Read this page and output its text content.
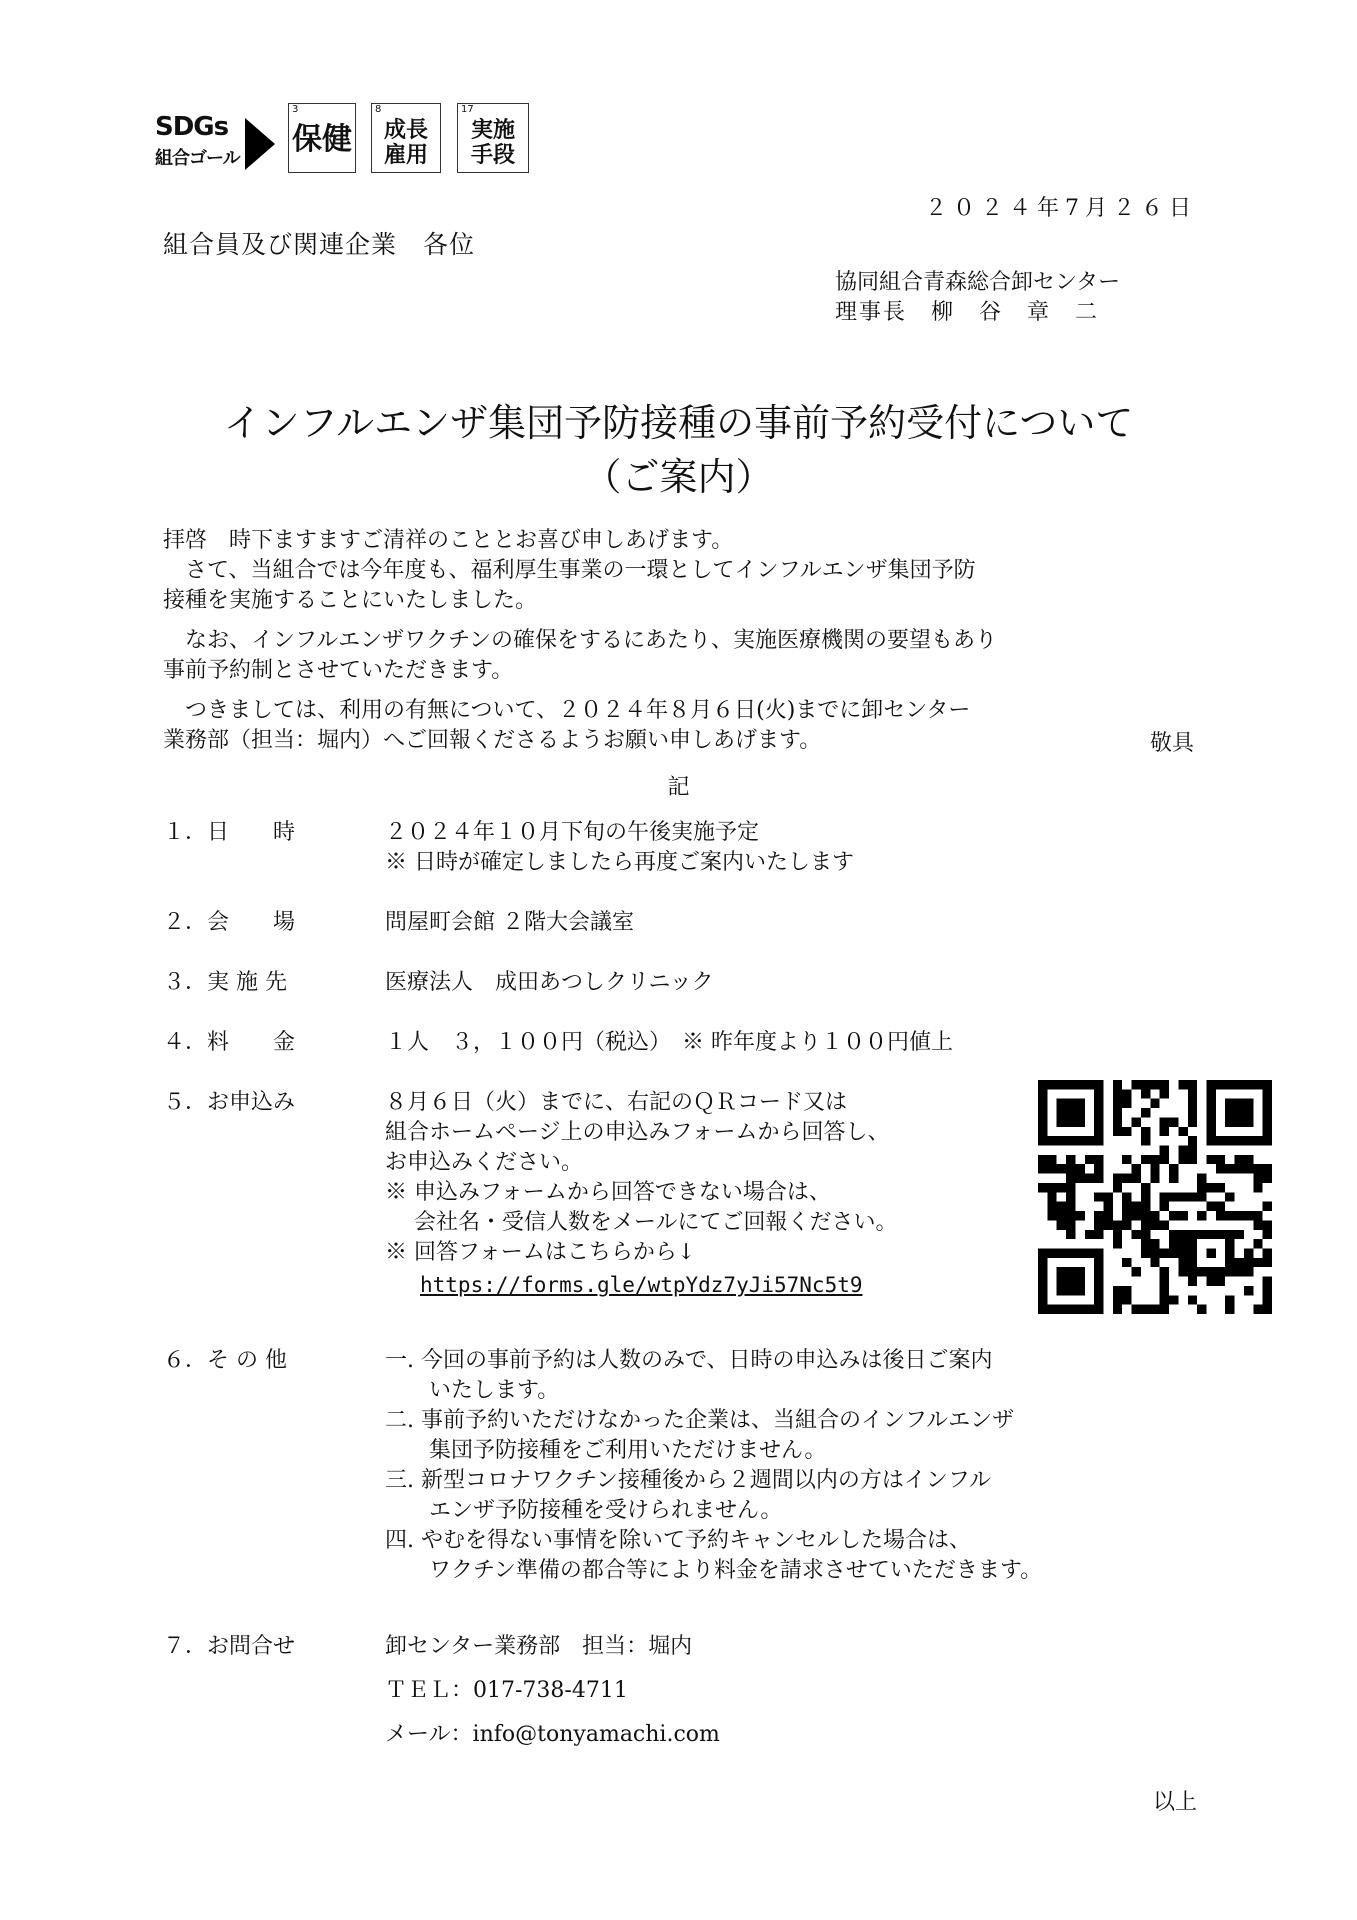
SDGs
組合ゴール
3
保健
8
成長
雇用
17
実施
手段
２０２４年7月２６日
組合員及び関連企業　各位
協同組合青森総合卸センター
理事長　柳　谷　章　二
インフルエンザ集団予防接種の事前予約受付について
（ご案内）
拝啓　時下ますますご清祥のこととお喜び申しあげます。
　さて、当組合では今年度も、福利厚生事業の一環としてインフルエンザ集団予防
接種を実施することにいたしました。
　なお、インフルエンザワクチンの確保をするにあたり、実施医療機関の要望もあり
事前予約制とさせていただきます。
　つきましては、利用の有無について、２０２４年８月６日(火)までに卸センター
業務部（担当：堀内）へご回報くださるようお願い申しあげます。	敬具
記
１．日　　時	２０２４年１０月下旬の午後実施予定
※ 日時が確定しましたら再度ご案内いたします
２．会　　場	問屋町会館 ２階大会議室
３．実 施 先	医療法人　成田あつしクリニック
４．料　　金	１人　３，１００円（税込）　※ 昨年度より１００円値上
５．お申込み	８月６日（火）までに、右記のＱＲコード又は
組合ホームページ上の申込みフォームから回答し、
お申込みください。
※ 申込みフォームから回答できない場合は、
　 会社名・受信人数をメールにてご回報ください。
※ 回答フォームはこちらから↓
https://forms.gle/wtpYdz7yJi57Nc5t9
６．そ の 他	一. 今回の事前予約は人数のみで、日時の申込みは後日ご案内
　　いたします。
二. 事前予約いただけなかった企業は、当組合のインフルエンザ
　　集団予防接種をご利用いただけません。
三. 新型コロナワクチン接種後から２週間以内の方はインフル
　　エンザ予防接種を受けられません。
四. やむを得ない事情を除いて予約キャンセルした場合は、
　　ワクチン準備の都合等により料金を請求させていただきます。
７．お問合せ	卸センター業務部　担当：堀内
ＴＥＬ：017-738-4711
メール：info@tonyamachi.com
以上
